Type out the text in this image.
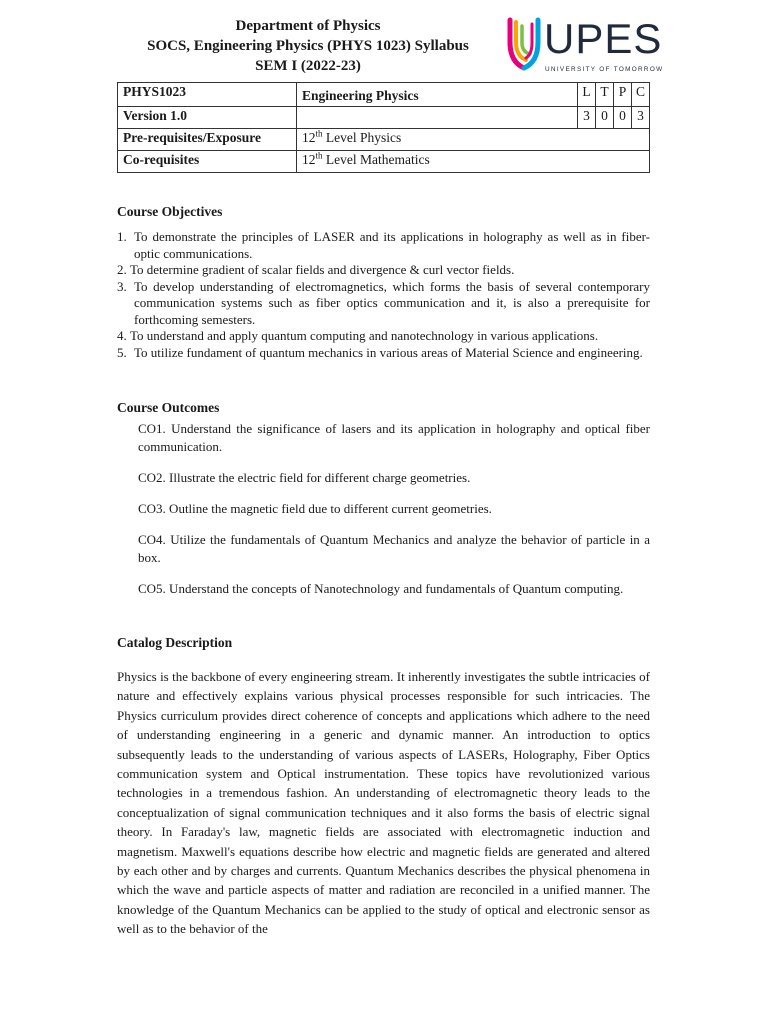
Department of Physics
SOCS, Engineering Physics (PHYS 1023) Syllabus
SEM I (2022-23)
UPES
UNIVERSITY OF TOMORROW
PHYS1023	Engineering Physics	L	T	P	C
Version 1.0		3	0	0	3
Pre-requisites/Exposure	12th Level Physics				
Co-requisites	12th Level Mathematics				
Course Objectives
1. To demonstrate the principles of LASER and its applications in holography as well as in fiber-optic communications.
2. To determine gradient of scalar fields and divergence & curl vector fields.
3. To develop understanding of electromagnetics, which forms the basis of several contemporary communication systems such as fiber optics communication and it, is also a prerequisite for forthcoming semesters.
4. To understand and apply quantum computing and nanotechnology in various applications.
5. To utilize fundament of quantum mechanics in various areas of Material Science and engineering.
Course Outcomes

CO1. Understand the significance of lasers and its application in holography and optical fiber communication.

CO2. Illustrate the electric field for different charge geometries.

CO3. Outline the magnetic field due to different current geometries.

CO4. Utilize the fundamentals of Quantum Mechanics and analyze the behavior of particle in a box.

CO5. Understand the concepts of Nanotechnology and fundamentals of Quantum computing.

Catalog Description

Physics is the backbone of every engineering stream. It inherently investigates the subtle intricacies of nature and effectively explains various physical processes responsible for such intricacies. The Physics curriculum provides direct coherence of concepts and applications which adhere to the need of understanding engineering in a generic and dynamic manner. An introduction to optics subsequently leads to the understanding of various aspects of LASERs, Holography, Fiber Optics communication system and Optical instrumentation. These topics have revolutionized various technologies in a tremendous fashion. An understanding of electromagnetic theory leads to the conceptualization of signal communication techniques and it also forms the basis of electric signal theory. In Faraday's law, magnetic fields are associated with electromagnetic induction and magnetism. Maxwell's equations describe how electric and magnetic fields are generated and altered by each other and by charges and currents. Quantum Mechanics describes the physical phenomena in which the wave and particle aspects of matter and radiation are reconciled in a unified manner. The knowledge of the Quantum Mechanics can be applied to the study of optical and electronic sensor as well as to the behavior of the
